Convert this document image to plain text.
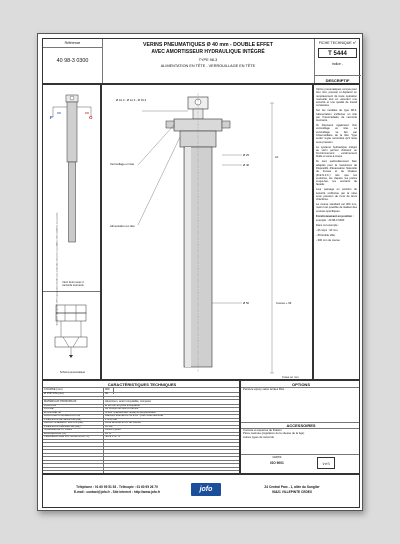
Référence
40 98-3 0300
VERINS PNEUMATIQUES Ø 40 mm - DOUBLE EFFET
AVEC AMORTISSEUR HYDRAULIQUE INTÉGRÉ
TYPE 98-3
ALIMENTATION EN TÊTE - VERROUILLAGE EN TÊTE
FICHE TECHNIQUE n°
T 5444
indice -
DESCRIPTIF
F	O
Vérin fourni avec 2 raccords tournants
Schéma pneumatique
Document de propriété JOFO reproduction interdite sans autorisation. Données susceptibles d'être modifiées sans préavis.
Ø 10,3 - Ø 12,3 - Ø 16,3
Verrouillage en tête
Alimentation en tête
Ø 25
Ø 40
A1
Ø 50	Course + 96
Cotes en mm

Vérins pneumatiques conçus pour tirer, tirer, pousser et déplacer en remplacement de toute opération manuelle tout en assurant une sécurité et une qualité de travail constantes.

Sur les modèles de type 98-3, l'alimentation s'effectue en tête par l'intermédiaire de raccords tournants.

Ils disposent également d'un verrouillage en tête. Le verrouillage se fait par l'intermédiaire de la tête "type sortie" tuyau raccordée qu'il reste sous pression.

Le système hydraulique intégré au vérin permet d'obtenir un fonctionnement extrêmement fluide et sans à-coups.

Ils sont particulièrement bien adaptés pour la manœuvre de Dispositifs d'Evacuation Naturelle de Fumée et de Chaleur (D.E.N.F.C.) tels que les exutoires, les clapets, les portes coupe-feu, les ouvrants de façade.

Leur passage en position de sécurité s'effectue par la mise sous pression de l'une de leurs chambres.

La course standard est 300 mm, mais il est possible de réaliser des courses spécifiques.

Fonctionnement en position :

exemple : 40 98-3 0300

Dans cet exemple :

- Ø corps : 40 mm

- Ø Double effet

- 300 mm de course

CARACTÉRISTIQUES TECHNIQUES
COURSE (mm)	300
Ø PISTON (mm)	40
MATÉRIAUX PRINCIPAUX	Aluminium, acier inoxydable, composé
FIXATION	Ø 20 mm en pivot inoxydable
FLUIDE	Air comprimé filtré et lubrifié
ÉTANCHÉITÉ	N.B.R. (caoutchouc nitrile) et polyuréthane
RACCORD D'ALIMENTATION	Raccord tournant Ø 10 à 16 - pour tube raccordé
PRESSION DE SERVICE (bar)	2 à 20 bar
AMORTISSEMENT EN FIN (bar)	Forte amortie en fin de course
PRESSION D'ÉPREUVE (bar)	30 bar
NOMBRE DE CYCLES	10000 cycles
ENDURANCE (%)	95 %
TEMPÉRATURE D'UTILISATION (°C)	-20 à +70 °C
OPTIONS

Peinture époxy selon teintes RAL

ACCESSOIRES

Console et équerres de fixation

Pièce carénée (régulation de la vitesse de la tige)

Autres types de raccords

CERTIF
ISO 9001	∨eS
Téléphone : 01 60 95 51 53 - Télécopie : 01 60 95 26 70
E-mail : contact@jofo.fr - Site internet : http://www.jofo.fr	jofo	Z4 Central Parc - 1, allée du Songlier
93421 VILLEPINTE CEDEX
